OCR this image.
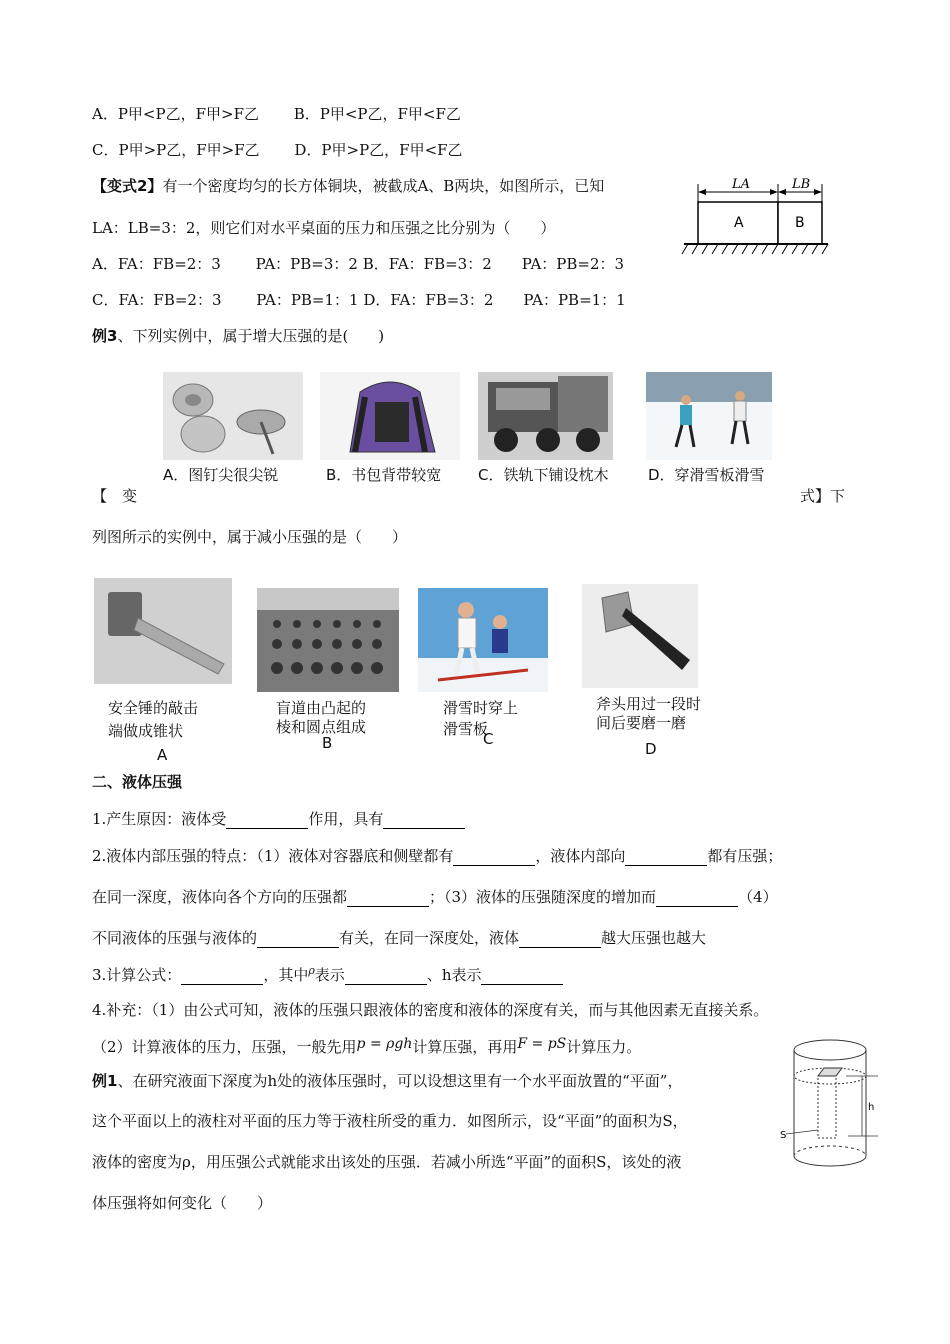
A．P甲<P乙，F甲>F乙　　 B．P甲<P乙，F甲<F乙
C．P甲>P乙，F甲>F乙　　 D．P甲>P乙，F甲<F乙
【变式2】有一个密度均匀的长方体铜块，被截成A、B两块，如图所示，已知
LA：LB=3：2，则它们对水平桌面的压力和压强之比分别为（　　）
A．FA：FB=2：3　　 PA：PB=3：2 B．FA：FB=3：2　　PA：PB=2：3
C．FA：FB=2：3　　 PA：PB=1：1 D．FA：FB=3：2　　PA：PB=1：1
例3、下列实例中，属于增大压强的是(　　)
LA	LB
A	B
A．图钉尖很尖锐	B．书包背带较宽 C．铁轨下铺设枕木	D．穿滑雪板滑雪
【　变	式】下
列图所示的实例中，属于减小压强的是（　　）
安全锤的敲击
端做成锥状
A
盲道由凸起的
棱和圆点组成
B
滑雪时穿上
滑雪板
C
斧头用过一段时
间后要磨一磨
D
二、液体压强
1.产生原因：液体受	作用，具有
2.液体内部压强的特点：（1）液体对容器底和侧壁都有	，液体内部向	都有压强；
在同一深度，液体向各个方向的压强都	；（3）液体的压强随深度的增加而	（4）
不同液体的压强与液体的	有关，在同一深度处，液体	越大压强也越大
3.计算公式：	，其中$^\rho$表示	、h表示
4.补充：（1）由公式可知，液体的压强只跟液体的密度和液体的深度有关，而与其他因素无直接关系。
（2）计算液体的压力，压强，一般先用p = ρgh计算压强，再用F = pS计算压力。
例1、在研究液面下深度为h处的液体压强时，可以设想这里有一个水平面放置的“平面”，
这个平面以上的液柱对平面的压力等于液柱所受的重力．如图所示，设“平面”的面积为S，
液体的密度为ρ，用压强公式就能求出该处的压强．若减小所选“平面”的面积S，该处的液
体压强将如何变化（　　）
h
S
